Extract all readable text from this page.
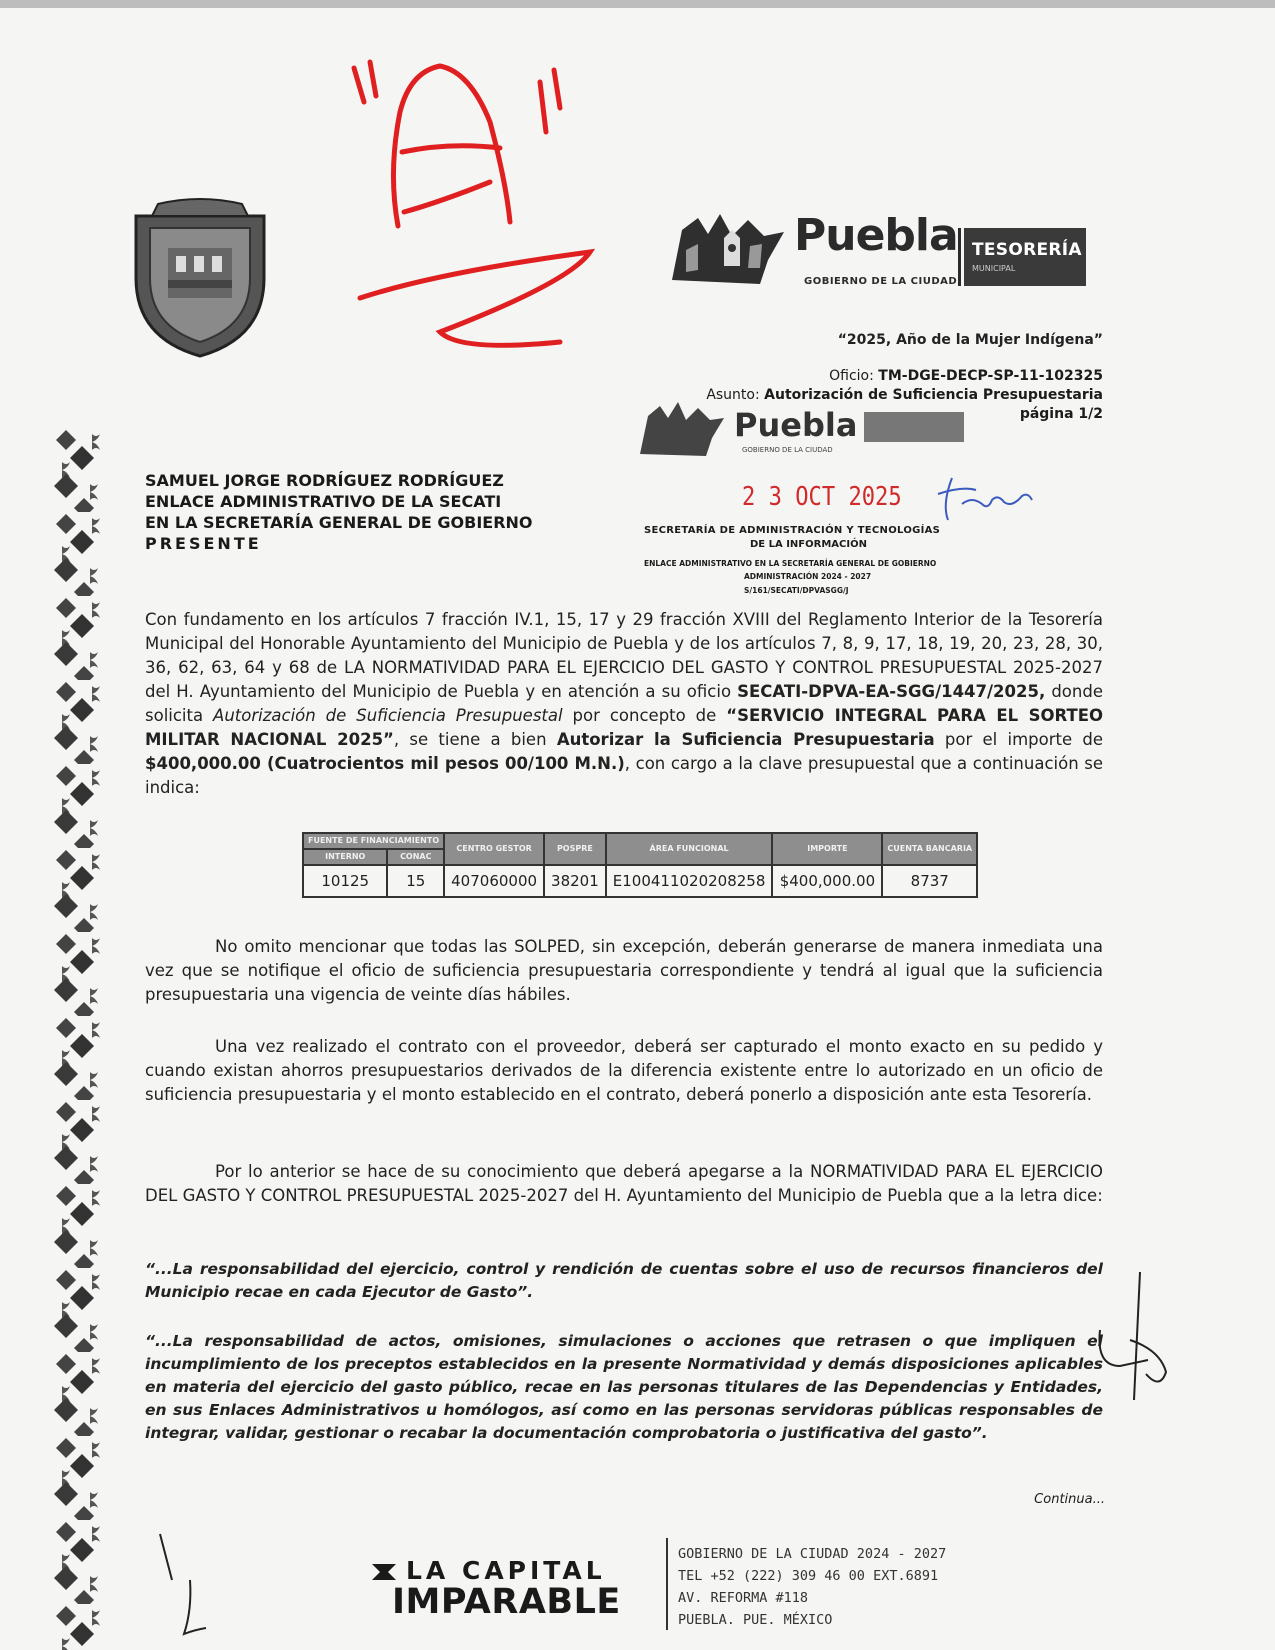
Puebla
GOBIERNO DE LA CIUDAD
TESORERÍA
MUNICIPAL
“2025, Año de la Mujer Indígena”
Oficio: TM-DGE-DECP-SP-11-102325
Asunto: Autorización de Suficiencia Presupuestaria
página 1/2
Puebla
GOBIERNO DE LA CIUDAD
2 3 OCT 2025
SECRETARÍA DE ADMINISTRACIÓN Y TECNOLOGÍAS
DE LA INFORMACIÓN
ENLACE ADMINISTRATIVO EN LA SECRETARÍA GENERAL DE GOBIERNO
ADMINISTRACIÓN 2024 - 2027
S/161/SECATI/DPVASGG/J
SAMUEL JORGE RODRÍGUEZ RODRÍGUEZ
ENLACE ADMINISTRATIVO DE LA SECATI
EN LA SECRETARÍA GENERAL DE GOBIERNO
PRESENTE
Con fundamento en los artículos 7 fracción IV.1, 15, 17 y 29 fracción XVIII del Reglamento Interior de la Tesorería Municipal del Honorable Ayuntamiento del Municipio de Puebla y de los artículos 7, 8, 9, 17, 18, 19, 20, 23, 28, 30, 36, 62, 63, 64 y 68 de LA NORMATIVIDAD PARA EL EJERCICIO DEL GASTO Y CONTROL PRESUPUESTAL 2025-2027 del H. Ayuntamiento del Municipio de Puebla y en atención a su oficio SECATI-DPVA-EA-SGG/1447/2025, donde solicita Autorización de Suficiencia Presupuestal por concepto de “SERVICIO INTEGRAL PARA EL SORTEO MILITAR NACIONAL 2025”, se tiene a bien Autorizar la Suficiencia Presupuestaria por el importe de $400,000.00 (Cuatrocientos mil pesos 00/100 M.N.), con cargo a la clave presupuestal que a continuación se indica:
FUENTE DE FINANCIAMIENTO		CENTRO GESTOR	POSPRE	ÁREA FUNCIONAL	IMPORTE	CUENTA BANCARIA
INTERNO	CONAC					
10125	15	407060000	38201	E100411020208258	$400,000.00	8737
No omito mencionar que todas las SOLPED, sin excepción, deberán generarse de manera inmediata una vez que se notifique el oficio de suficiencia presupuestaria correspondiente y tendrá al igual que la suficiencia presupuestaria una vigencia de veinte días hábiles.
Una vez realizado el contrato con el proveedor, deberá ser capturado el monto exacto en su pedido y cuando existan ahorros presupuestarios derivados de la diferencia existente entre lo autorizado en un oficio de suficiencia presupuestaria y el monto establecido en el contrato, deberá ponerlo a disposición ante esta Tesorería.
Por lo anterior se hace de su conocimiento que deberá apegarse a la NORMATIVIDAD PARA EL EJERCICIO DEL GASTO Y CONTROL PRESUPUESTAL 2025-2027 del H. Ayuntamiento del Municipio de Puebla que a la letra dice:
“...La responsabilidad del ejercicio, control y rendición de cuentas sobre el uso de recursos financieros del Municipio recae en cada Ejecutor de Gasto”.
“...La responsabilidad de actos, omisiones, simulaciones o acciones que retrasen o que impliquen el incumplimiento de los preceptos establecidos en la presente Normatividad y demás disposiciones aplicables en materia del ejercicio del gasto público, recae en las personas titulares de las Dependencias y Entidades, en sus Enlaces Administrativos u homólogos, así como en las personas servidoras públicas responsables de integrar, validar, gestionar o recabar la documentación comprobatoria o justificativa del gasto”.
Continua...
LA CAPITAL
IMPARABLE
GOBIERNO DE LA CIUDAD 2024 - 2027
TEL +52 (222) 309 46 00 EXT.6891
AV. REFORMA #118
PUEBLA. PUE. MÉXICO
